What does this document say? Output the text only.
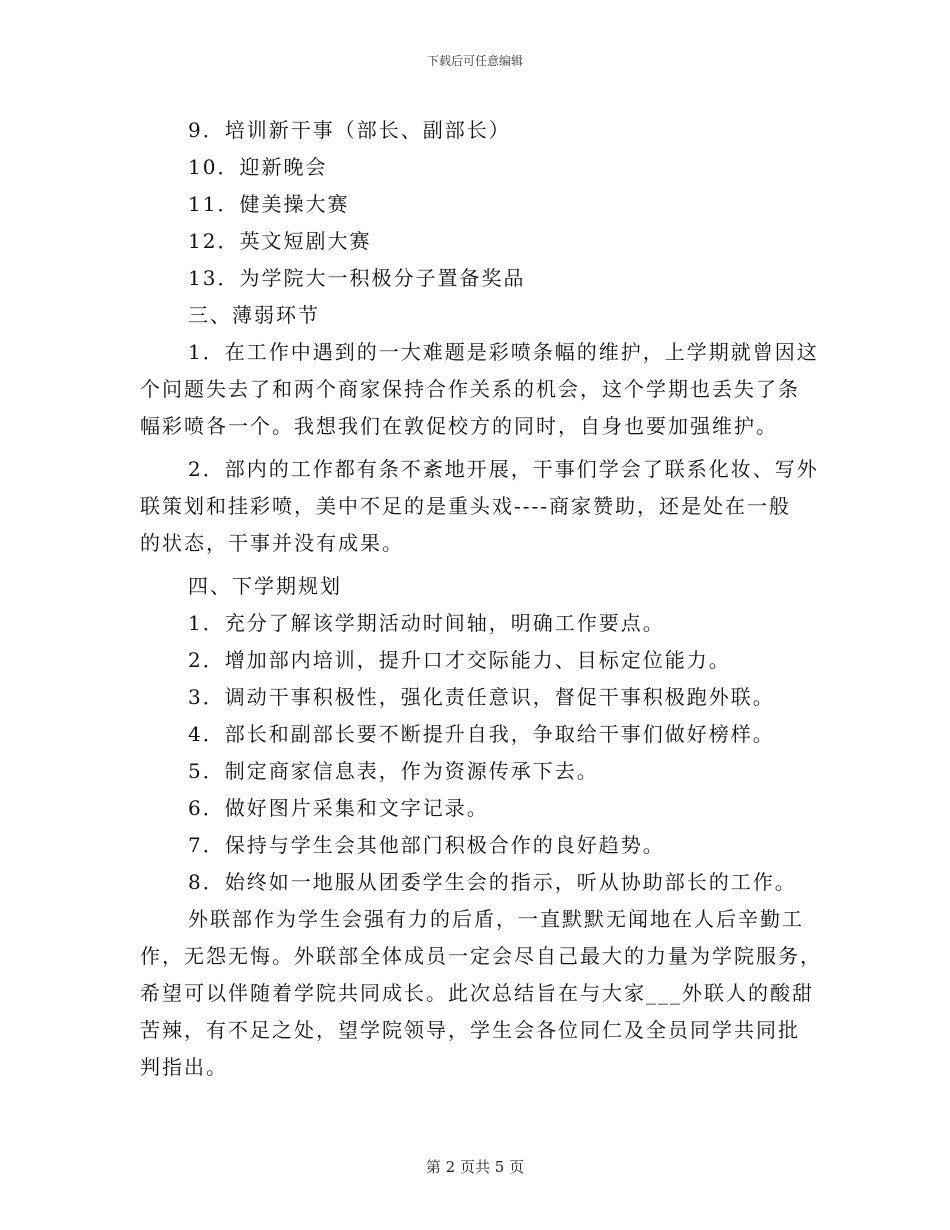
下载后可任意编辑
9．培训新干事（部长、副部长）
10．迎新晚会
11．健美操大赛
12．英文短剧大赛
13．为学院大一积极分子置备奖品
三、薄弱环节
1．在工作中遇到的一大难题是彩喷条幅的维护，上学期就曾因这
个问题失去了和两个商家保持合作关系的机会，这个学期也丢失了条
幅彩喷各一个。我想我们在敦促校方的同时，自身也要加强维护。
2．部内的工作都有条不紊地开展，干事们学会了联系化妆、写外
联策划和挂彩喷，美中不足的是重头戏----商家赞助，还是处在一般
的状态，干事并没有成果。
四、下学期规划
1．充分了解该学期活动时间轴，明确工作要点。
2．增加部内培训，提升口才交际能力、目标定位能力。
3．调动干事积极性，强化责任意识，督促干事积极跑外联。
4．部长和副部长要不断提升自我，争取给干事们做好榜样。
5．制定商家信息表，作为资源传承下去。
6．做好图片采集和文字记录。
7．保持与学生会其他部门积极合作的良好趋势。
8．始终如一地服从团委学生会的指示，听从协助部长的工作。
外联部作为学生会强有力的后盾，一直默默无闻地在人后辛勤工
作，无怨无悔。外联部全体成员一定会尽自己最大的力量为学院服务，
希望可以伴随着学院共同成长。此次总结旨在与大家___外联人的酸甜
苦辣，有不足之处，望学院领导，学生会各位同仁及全员同学共同批
判指出。
第 2 页共 5 页
